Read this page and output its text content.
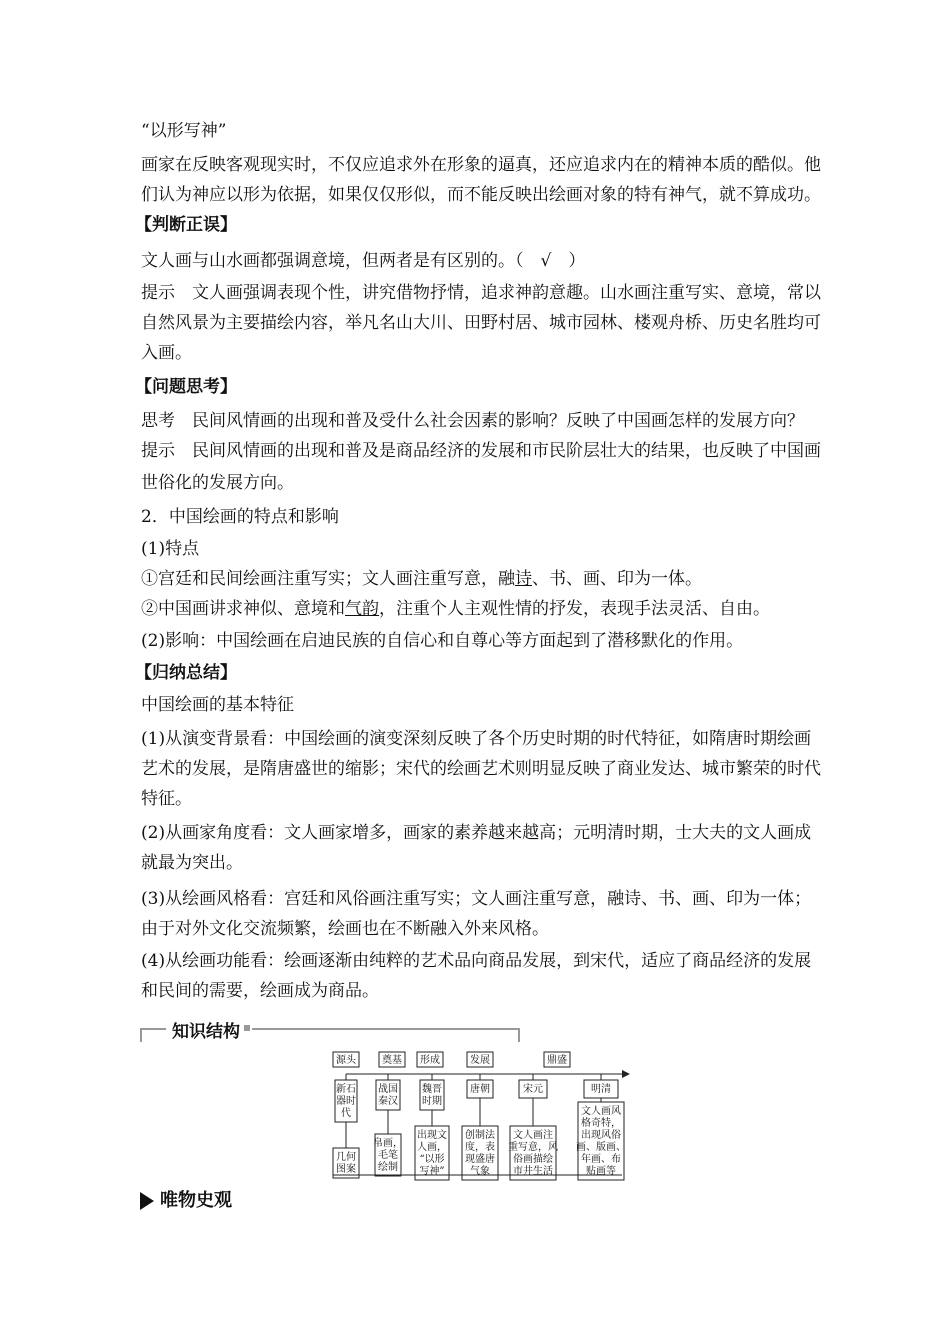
“以形写神”
画家在反映客观现实时，不仅应追求外在形象的逼真，还应追求内在的精神本质的酷似。他
们认为神应以形为依据，如果仅仅形似，而不能反映出绘画对象的特有神气，就不算成功。
【判断正误】
文人画与山水画都强调意境，但两者是有区别的。（　√　）
提示　文人画强调表现个性，讲究借物抒情，追求神韵意趣。山水画注重写实、意境，常以
自然风景为主要描绘内容，举凡名山大川、田野村居、城市园林、楼观舟桥、历史名胜均可
入画。
【问题思考】
思考　民间风情画的出现和普及受什么社会因素的影响？反映了中国画怎样的发展方向？
提示　民间风情画的出现和普及是商品经济的发展和市民阶层壮大的结果，也反映了中国画
世俗化的发展方向。
2．中国绘画的特点和影响
(1)特点
①宫廷和民间绘画注重写实；文人画注重写意，融诗、书、画、印为一体。
②中国画讲求神似、意境和气韵，注重个人主观性情的抒发，表现手法灵活、自由。
(2)影响：中国绘画在启迪民族的自信心和自尊心等方面起到了潜移默化的作用。
【归纳总结】
中国绘画的基本特征
(1)从演变背景看：中国绘画的演变深刻反映了各个历史时期的时代特征，如隋唐时期绘画
艺术的发展，是隋唐盛世的缩影；宋代的绘画艺术则明显反映了商业发达、城市繁荣的时代
特征。
(2)从画家角度看：文人画家增多，画家的素养越来越高；元明清时期，士大夫的文人画成
就最为突出。
(3)从绘画风格看：宫廷和风俗画注重写实；文人画注重写意，融诗、书、画、印为一体；
由于对外文化交流频繁，绘画也在不断融入外来风格。
(4)从绘画功能看：绘画逐渐由纯粹的艺术品向商品发展，到宋代，适应了商品经济的发展
和民间的需要，绘画成为商品。
知识结构
源头	奠基 形成	发展	鼎盛
新石
器时
代
几何
图案
战国
秦汉
帛画，
毛笔
绘制
魏晋
时期
出现文
人画，
“以形
写神”
唐朝
创制法
度，表
现盛唐
气象
宋元
文人画注
重写意，风
俗画描绘
市井生活
明清
文人画风
格奇特，
出现风俗
画、版画、
年画、布
贴画等
唯物史观
